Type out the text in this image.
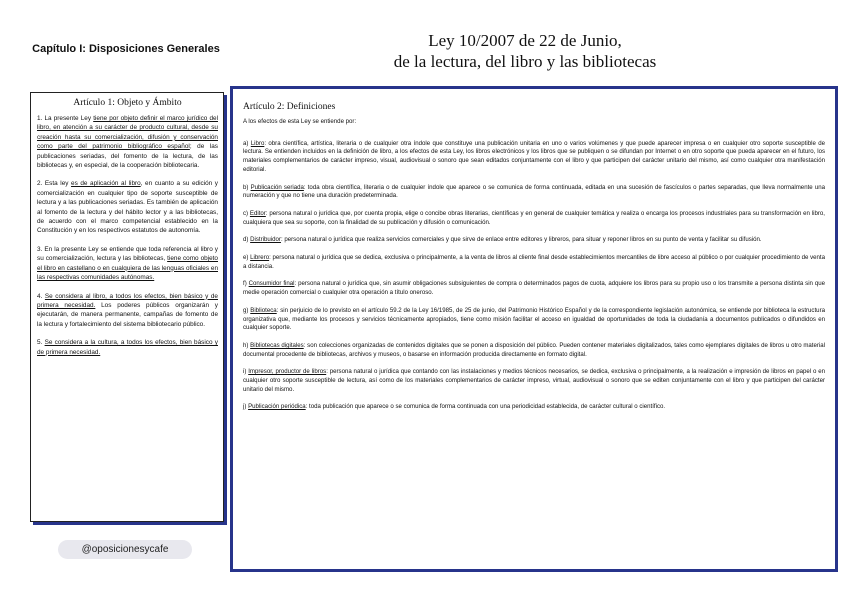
Capítulo I: Disposiciones Generales	Ley 10/2007 de 22 de Junio,
de la lectura, del libro y las bibliotecas
Artículo 1: Objeto y Ámbito

1. La presente Ley tiene por objeto definir el marco jurídico del libro, en atención a su carácter de producto cultural, desde su creación hasta su comercialización, difusión y conservación como parte del patrimonio bibliográfico español; de las publicaciones seriadas, del fomento de la lectura, de las bibliotecas y, en especial, de la cooperación bibliotecaria.

2. Esta ley es de aplicación al libro, en cuanto a su edición y comercialización en cualquier tipo de soporte susceptible de lectura y a las publicaciones seriadas. Es también de aplicación al fomento de la lectura y del hábito lector y a las bibliotecas, de acuerdo con el marco competencial establecido en la Constitución y en los respectivos estatutos de autonomía.

3. En la presente Ley se entiende que toda referencia al libro y su comercialización, lectura y las bibliotecas, tiene como objeto el libro en castellano o en cualquiera de las lenguas oficiales en las respectivas comunidades autónomas.

4. Se considera al libro, a todos los efectos, bien básico y de primera necesidad. Los poderes públicos organizarán y ejecutarán, de manera permanente, campañas de fomento de la lectura y fortalecimiento del sistema bibliotecario público.

5. Se considera a la cultura, a todos los efectos, bien básico y de primera necesidad.

@oposicionesycafe
Artículo 2: Definiciones

A los efectos de esta Ley se entiende por:

a) Libro: obra científica, artística, literaria o de cualquier otra índole que constituye una publicación unitaria en uno o varios volúmenes y que puede aparecer impresa o en cualquier otro soporte susceptible de lectura. Se entienden incluidos en la definición de libro, a los efectos de esta Ley, los libros electrónicos y los libros que se publiquen o se difundan por Internet o en otro soporte que pueda aparecer en el futuro, los materiales complementarios de carácter impreso, visual, audiovisual o sonoro que sean editados conjuntamente con el libro y que participen del carácter unitario del mismo, así como cualquier otra manifestación editorial.

b) Publicación seriada: toda obra científica, literaria o de cualquier índole que aparece o se comunica de forma continuada, editada en una sucesión de fascículos o partes separadas, que lleva normalmente una numeración y que no tiene una duración predeterminada.

c) Editor: persona natural o jurídica que, por cuenta propia, elige o concibe obras literarias, científicas y en general de cualquier temática y realiza o encarga los procesos industriales para su transformación en libro, cualquiera que sea su soporte, con la finalidad de su publicación y difusión o comunicación.

d) Distribuidor: persona natural o jurídica que realiza servicios comerciales y que sirve de enlace entre editores y libreros, para situar y reponer libros en su punto de venta y facilitar su difusión.

e) Librero: persona natural o jurídica que se dedica, exclusiva o principalmente, a la venta de libros al cliente final desde establecimientos mercantiles de libre acceso al público o por cualquier procedimiento de venta a distancia.

f) Consumidor final: persona natural o jurídica que, sin asumir obligaciones subsiguientes de compra o determinados pagos de cuota, adquiere los libros para su propio uso o los transmite a persona distinta sin que medie operación comercial o cualquier otra operación a título oneroso.

g) Biblioteca: sin perjuicio de lo previsto en el artículo 59.2 de la Ley 16/1985, de 25 de junio, del Patrimonio Histórico Español y de la correspondiente legislación autonómica, se entiende por biblioteca la estructura organizativa que, mediante los procesos y servicios técnicamente apropiados, tiene como misión facilitar el acceso en igualdad de oportunidades de toda la ciudadanía a documentos publicados o difundidos en cualquier soporte.

h) Bibliotecas digitales: son colecciones organizadas de contenidos digitales que se ponen a disposición del público. Pueden contener materiales digitalizados, tales como ejemplares digitales de libros u otro material documental procedente de bibliotecas, archivos y museos, o basarse en información producida directamente en formato digital.

i) Impresor, productor de libros: persona natural o jurídica que contando con las instalaciones y medios técnicos necesarios, se dedica, exclusiva o principalmente, a la realización e impresión de libros en papel o en cualquier otro soporte susceptible de lectura, así como de los materiales complementarios de carácter impreso, virtual, audiovisual o sonoro que se editen conjuntamente con el libro y que participen del carácter unitario del mismo.

j) Publicación periódica: toda publicación que aparece o se comunica de forma continuada con una periodicidad establecida, de carácter cultural o científico.
